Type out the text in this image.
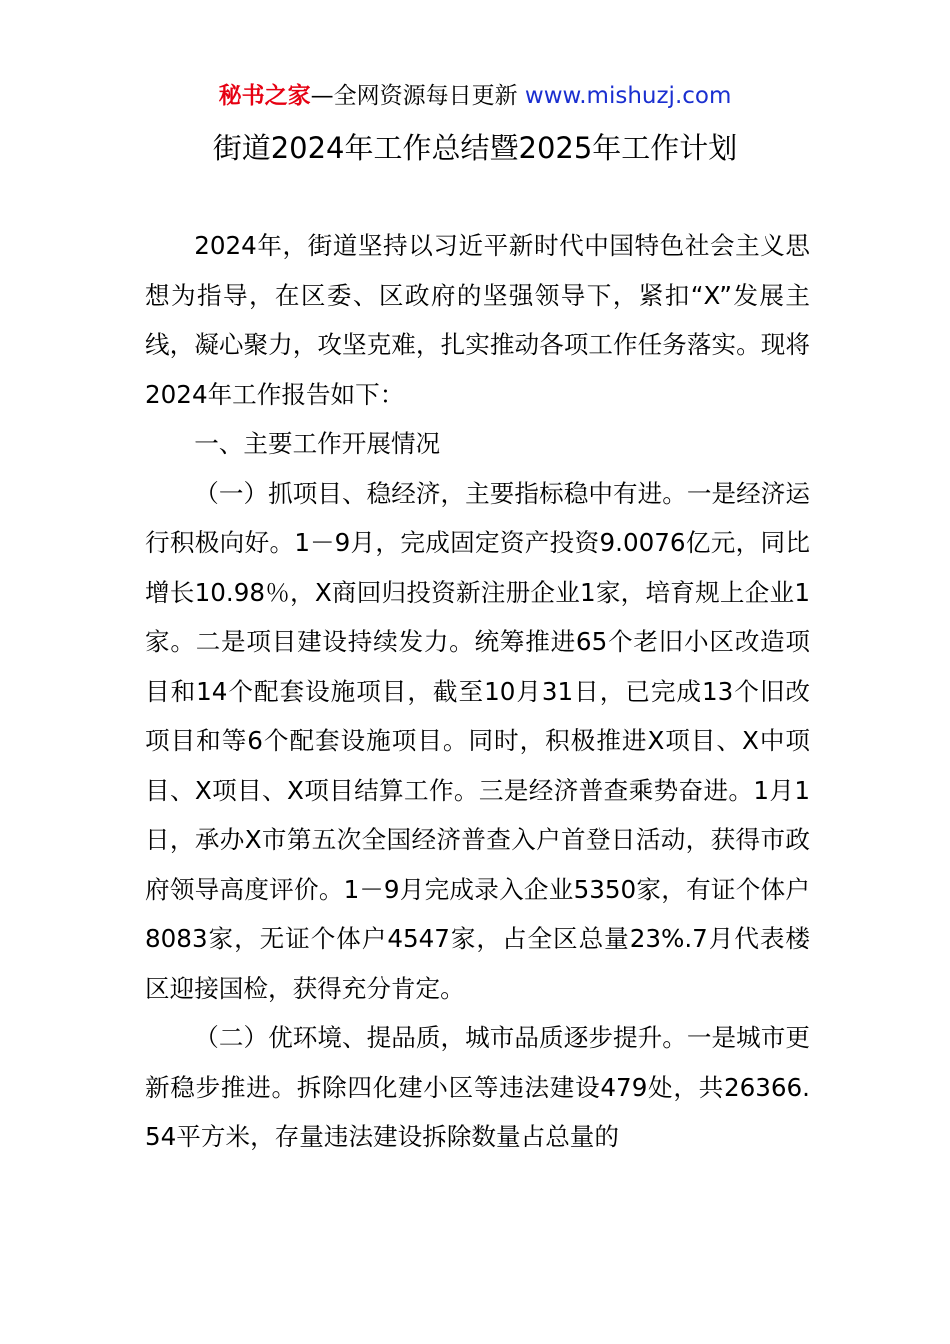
秘书之家—全网资源每日更新 www.mishuzj.com
街道2024年工作总结暨2025年工作计划

2024年，街道坚持以习近平新时代中国特色社会主义思想为指导，在区委、区政府的坚强领导下，紧扣“X”发展主线，凝心聚力，攻坚克难，扎实推动各项工作任务落实。现将2024年工作报告如下：

一、主要工作开展情况

（一）抓项目、稳经济，主要指标稳中有进。一是经济运行积极向好。1－9月，完成固定资产投资9.0076亿元，同比增长10.98％，X商回归投资新注册企业1家，培育规上企业1家。二是项目建设持续发力。统筹推进65个老旧小区改造项目和14个配套设施项目，截至10月31日，已完成13个旧改项目和等6个配套设施项目。同时，积极推进X项目、X中项目、X项目、X项目结算工作。三是经济普查乘势奋进。1月1日，承办X市第五次全国经济普查入户首登日活动，获得市政府领导高度评价。1－9月完成录入企业5350家，有证个体户8083家，无证个体户4547家，占全区总量23%.7月代表楼区迎接国检，获得充分肯定。

（二）优环境、提品质，城市品质逐步提升。一是城市更新稳步推进。拆除四化建小区等违法建设479处，共26366.54平方米，存量违法建设拆除数量占总量的
